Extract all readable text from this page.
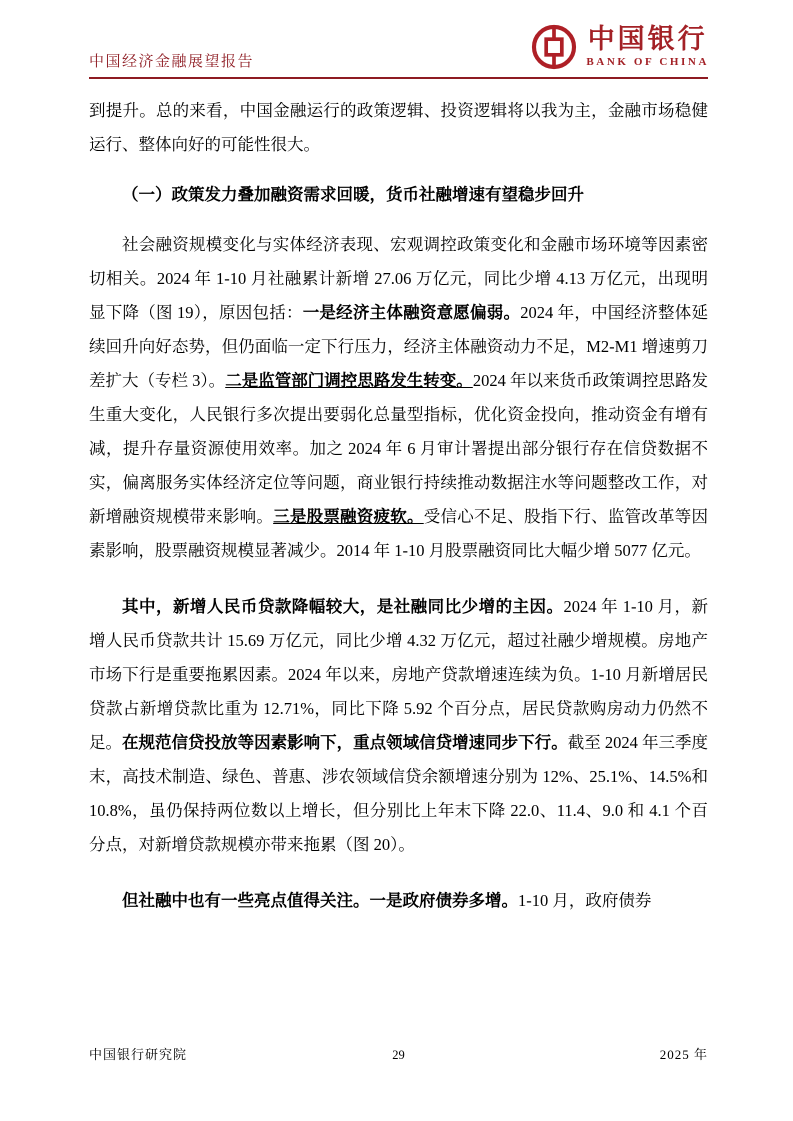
中国经济金融展望报告
中国银行
BANK OF CHINA

到提升。总的来看，中国金融运行的政策逻辑、投资逻辑将以我为主，金融市场稳健运行、整体向好的可能性很大。

（一）政策发力叠加融资需求回暖，货币社融增速有望稳步回升

社会融资规模变化与实体经济表现、宏观调控政策变化和金融市场环境等因素密切相关。2024 年 1-10 月社融累计新增 27.06 万亿元，同比少增 4.13 万亿元，出现明显下降（图 19），原因包括：一是经济主体融资意愿偏弱。2024 年，中国经济整体延续回升向好态势，但仍面临一定下行压力，经济主体融资动力不足，M2-M1 增速剪刀差扩大（专栏 3）。二是监管部门调控思路发生转变。2024 年以来货币政策调控思路发生重大变化，人民银行多次提出要弱化总量型指标，优化资金投向，推动资金有增有减，提升存量资源使用效率。加之 2024 年 6 月审计署提出部分银行存在信贷数据不实，偏离服务实体经济定位等问题，商业银行持续推动数据注水等问题整改工作，对新增融资规模带来影响。三是股票融资疲软。受信心不足、股指下行、监管改革等因素影响，股票融资规模显著减少。2014 年 1-10 月股票融资同比大幅少增 5077 亿元。

其中，新增人民币贷款降幅较大，是社融同比少增的主因。2024 年 1-10 月，新增人民币贷款共计 15.69 万亿元，同比少增 4.32 万亿元，超过社融少增规模。房地产市场下行是重要拖累因素。2024 年以来，房地产贷款增速连续为负。1-10 月新增居民贷款占新增贷款比重为 12.71%，同比下降 5.92 个百分点，居民贷款购房动力仍然不足。在规范信贷投放等因素影响下，重点领域信贷增速同步下行。截至 2024 年三季度末，高技术制造、绿色、普惠、涉农领域信贷余额增速分别为 12%、25.1%、14.5%和 10.8%，虽仍保持两位数以上增长，但分别比上年末下降 22.0、11.4、9.0 和 4.1 个百分点，对新增贷款规模亦带来拖累（图 20）。

但社融中也有一些亮点值得关注。一是政府债券多增。1-10 月，政府债券

中国银行研究院	29	2025 年
